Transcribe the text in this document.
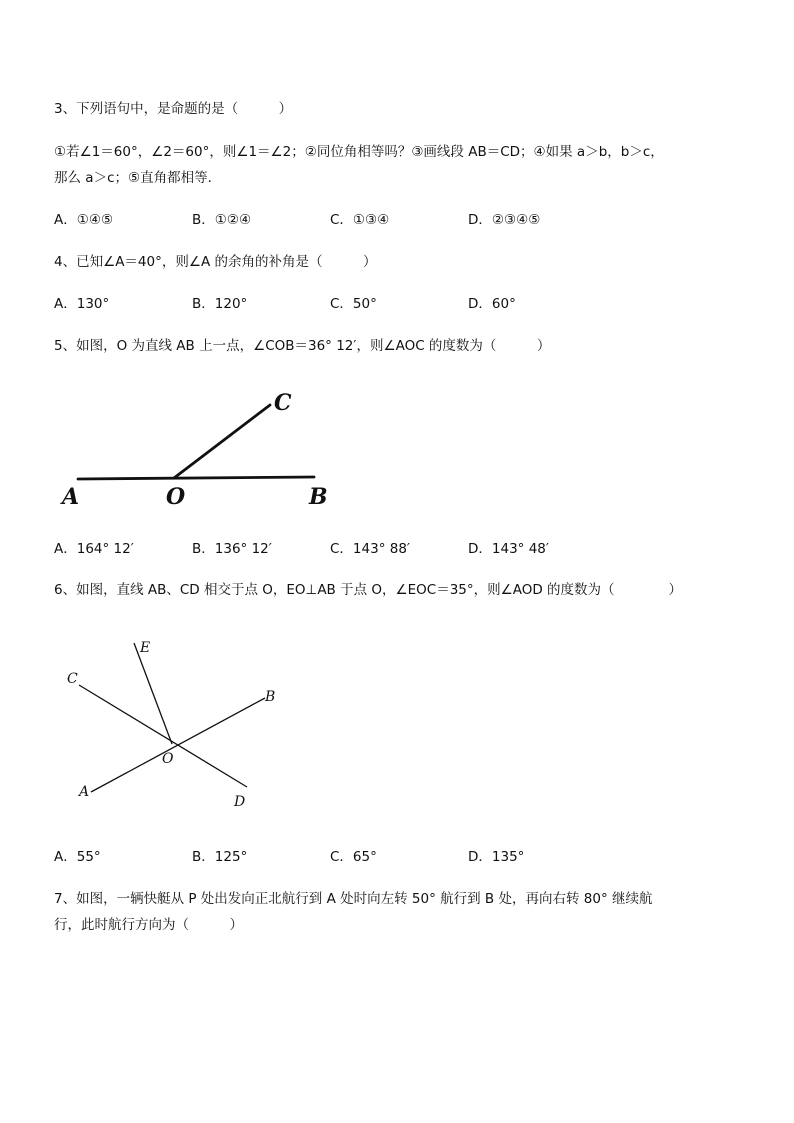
3、下列语句中，是命题的是（　　　）
①若∠1＝60°，∠2＝60°，则∠1＝∠2；②同位角相等吗？③画线段 AB＝CD；④如果 a＞b，b＞c，
那么 a＞c；⑤直角都相等．
A．①④⑤	B．①②④	C．①③④	D．②③④⑤
4、已知∠A＝40°，则∠A 的余角的补角是（　　　）
A．130°	B．120°	C．50°	D．60°
5、如图，O 为直线 AB 上一点，∠COB＝36° 12′，则∠AOC 的度数为（　　　）
C
A	O	B
A．164° 12′	B．136° 12′	C．143° 88′	D．143° 48′
6、如图，直线 AB、CD 相交于点 O，EO⊥AB 于点 O，∠EOC＝35°，则∠AOD 的度数为（　　　　）
E
C
B
O
A
D
A．55°	B．125°	C．65°	D．135°
7、如图，一辆快艇从 P 处出发向正北航行到 A 处时向左转 50° 航行到 B 处，再向右转 80° 继续航
行，此时航行方向为（　　　）
